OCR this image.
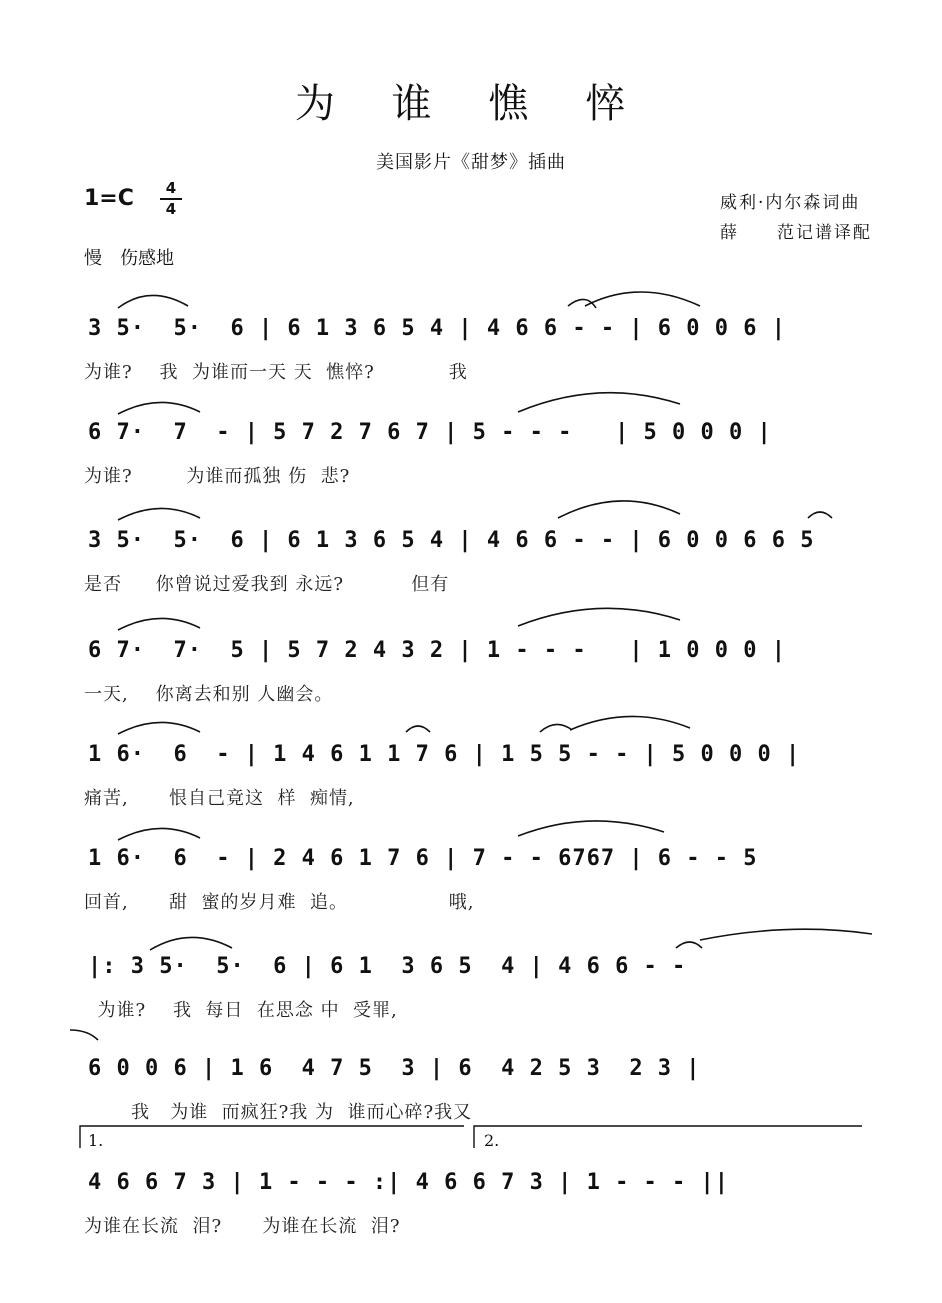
为 谁 憔 悴
美国影片《甜梦》插曲
1=C	4
4	威利·内尔森词曲
薛　　范记谱译配
慢　伤感地
3 5·  5·  6 | 6 1 3 6 5 4 | 4 6 6 - - | 6 0 0 6 |
为谁?    我  为谁而一天 天  憔悴?           我
6 7·  7  - | 5 7 2 7 6 7 | 5 - - -   | 5 0 0 0 |
为谁?        为谁而孤独 伤  悲?
3 5·  5·  6 | 6 1 3 6 5 4 | 4 6 6 - - | 6 0 0 6 6 5
是否     你曾说过爱我到 永远?          但有
6 7·  7·  5 | 5 7 2 4 3 2 | 1 - - -   | 1 0 0 0 |
一天,    你离去和别 人幽会。
1 6·  6  - | 1 4 6 1 1 7 6 | 1 5 5 - - | 5 0 0 0 |
痛苦,      恨自己竟这  样  痴情,
1 6·  6  - | 2 4 6 1 7 6 | 7 - - 6767 | 6 - - 5
回首,      甜  蜜的岁月难  追。               哦,
|: 3 5·  5·  6 | 6 1  3 6 5  4 | 4 6 6 - -
为谁?    我  每日  在思念 中  受罪,
6 0 0 6 | 1 6  4 7 5  3 | 6  4 2 5 3  2 3 |
我   为谁  而疯狂?我 为  谁而心碎?我又
4 6 6 7 3 | 1 - - - :| 4 6 6 7 3 | 1 - - - ||
为谁在长流  泪?      为谁在长流  泪?
1.	2.
